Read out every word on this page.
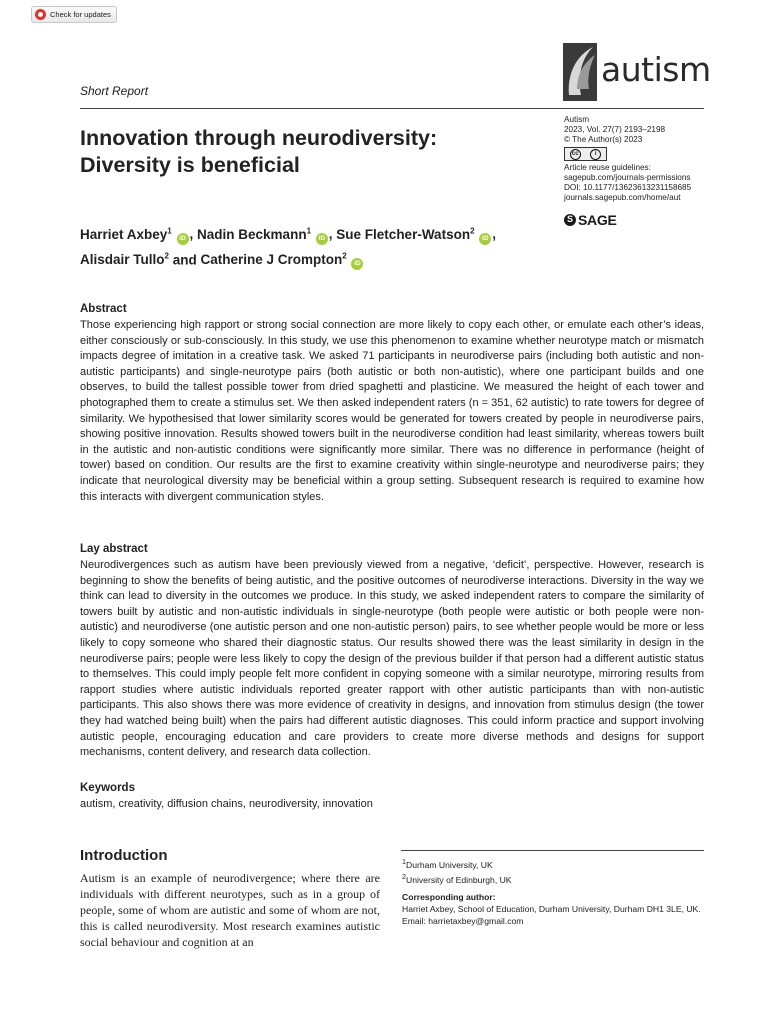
Check for updates
autism
Short Report
Innovation through neurodiversity:
Diversity is beneficial
Autism
2023, Vol. 27(7) 2193–2198
© The Author(s) 2023
cc	i
Article reuse guidelines:
sagepub.com/journals-permissions
DOI: 10.1177/13623613231158685
journals.sagepub.com/home/aut
S
SAGE
Harriet Axbey$^1$ iD , Nadin Beckmann$^1$ iD , Sue Fletcher-Watson$^2$ iD ,
Alisdair Tullo$^2$ and Catherine J Crompton$^2$ iD
Abstract
Those experiencing high rapport or strong social connection are more likely to copy each other, or emulate each other’s ideas, either consciously or sub-consciously. In this study, we use this phenomenon to examine whether neurotype match or mismatch impacts degree of imitation in a creative task. We asked 71 participants in neurodiverse pairs (including both autistic and non-autistic participants) and single-neurotype pairs (both autistic or both non-autistic), where one participant builds and one observes, to build the tallest possible tower from dried spaghetti and plasticine. We measured the height of each tower and photographed them to create a stimulus set. We then asked independent raters (n = 351, 62 autistic) to rate towers for degree of similarity. We hypothesised that lower similarity scores would be generated for towers created by people in neurodiverse pairs, showing positive innovation. Results showed towers built in the neurodiverse condition had least similarity, whereas towers built in the autistic and non-autistic conditions were significantly more similar. There was no difference in performance (height of tower) based on condition. Our results are the first to examine creativity within single-neurotype and neurodiverse pairs; they indicate that neurological diversity may be beneficial within a group setting. Subsequent research is required to examine how this interacts with divergent communication styles.
Lay abstract
Neurodivergences such as autism have been previously viewed from a negative, ‘deficit’, perspective. However, research is beginning to show the benefits of being autistic, and the positive outcomes of neurodiverse interactions. Diversity in the way we think can lead to diversity in the outcomes we produce. In this study, we asked independent raters to compare the similarity of towers built by autistic and non-autistic individuals in single-neurotype (both people were autistic or both people were non-autistic) and neurodiverse (one autistic person and one non-autistic person) pairs, to see whether people would be more or less likely to copy someone who shared their diagnostic status. Our results showed there was the least similarity in design in the neurodiverse pairs; people were less likely to copy the design of the previous builder if that person had a different autistic status to themselves. This could imply people felt more confident in copying someone with a similar neurotype, mirroring results from rapport studies where autistic individuals reported greater rapport with other autistic participants than with non-autistic participants. This also shows there was more evidence of creativity in designs, and innovation from stimulus design (the tower they had watched being built) when the pairs had different autistic diagnoses. This could inform practice and support involving autistic people, encouraging education and care providers to create more diverse methods and designs for support mechanisms, content delivery, and research data collection.
Keywords
autism, creativity, diffusion chains, neurodiversity, innovation
Introduction
Autism is an example of neurodivergence; where there are individuals with different neurotypes, such as in a group of people, some of whom are autistic and some of whom are not, this is called neurodiversity. Most research examines autistic social behaviour and cognition at an
$^1$Durham University, UK
$^2$University of Edinburgh, UK
Corresponding author:
Harriet Axbey, School of Education, Durham University, Durham DH1 3LE, UK.
Email: harrietaxbey@gmail.com
